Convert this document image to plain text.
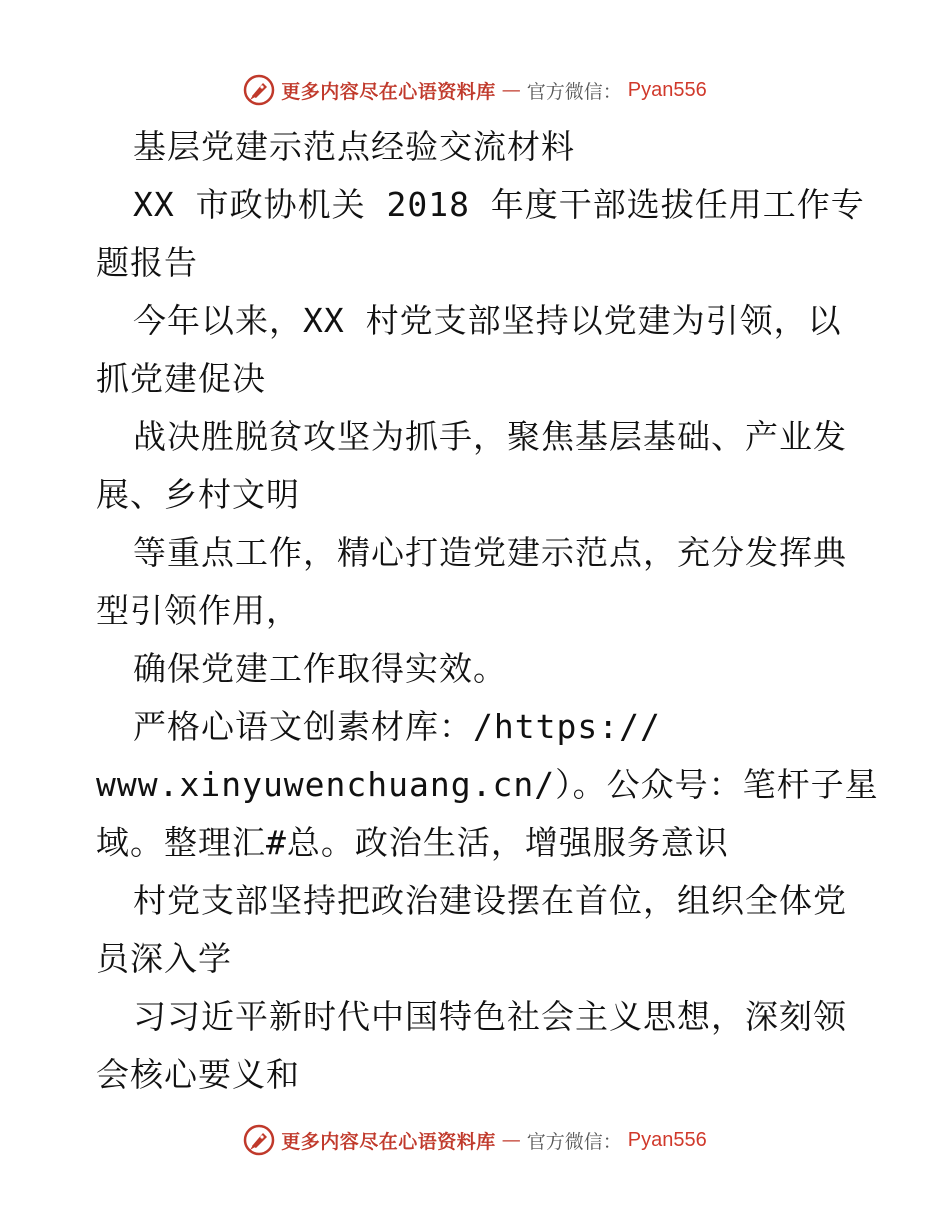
更多内容尽在心语资料库 — 官方微信： Pyan556
基层党建示范点经验交流材料
XX 市政协机关 2018 年度干部选拔任用工作专
题报告
今年以来，XX 村党支部坚持以党建为引领，以
抓党建促决
战决胜脱贫攻坚为抓手，聚焦基层基础、产业发
展、乡村文明
等重点工作，精心打造党建示范点，充分发挥典
型引领作用，
确保党建工作取得实效。
严格心语文创素材库：/https://
www.xinyuwenchuang.cn/）。公众号：笔杆子星
域。整理汇#总。政治生活，增强服务意识
村党支部坚持把政治建设摆在首位，组织全体党
员深入学
习习近平新时代中国特色社会主义思想，深刻领
会核心要义和
更多内容尽在心语资料库 — 官方微信： Pyan556
